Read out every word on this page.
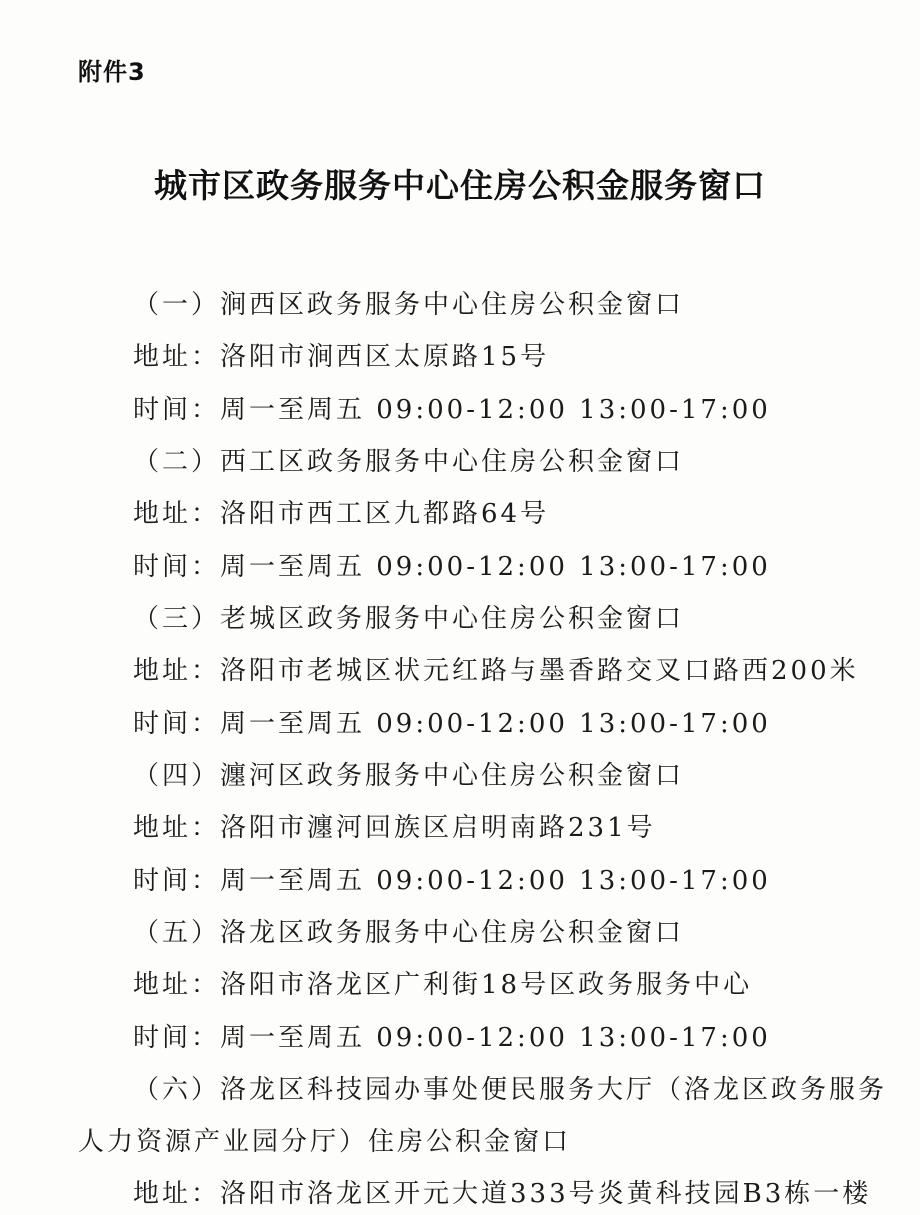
附件3
城市区政务服务中心住房公积金服务窗口
（一）涧西区政务服务中心住房公积金窗口
地址：洛阳市涧西区太原路15号
时间：周一至周五 09:00-12:00 13:00-17:00
（二）西工区政务服务中心住房公积金窗口
地址：洛阳市西工区九都路64号
时间：周一至周五 09:00-12:00 13:00-17:00
（三）老城区政务服务中心住房公积金窗口
地址：洛阳市老城区状元红路与墨香路交叉口路西200米
时间：周一至周五 09:00-12:00 13:00-17:00
（四）瀍河区政务服务中心住房公积金窗口
地址：洛阳市瀍河回族区启明南路231号
时间：周一至周五 09:00-12:00 13:00-17:00
（五）洛龙区政务服务中心住房公积金窗口
地址：洛阳市洛龙区广利街18号区政务服务中心
时间：周一至周五 09:00-12:00 13:00-17:00
（六）洛龙区科技园办事处便民服务大厅（洛龙区政务服务
人力资源产业园分厅）住房公积金窗口
地址：洛阳市洛龙区开元大道333号炎黄科技园B3栋一楼
